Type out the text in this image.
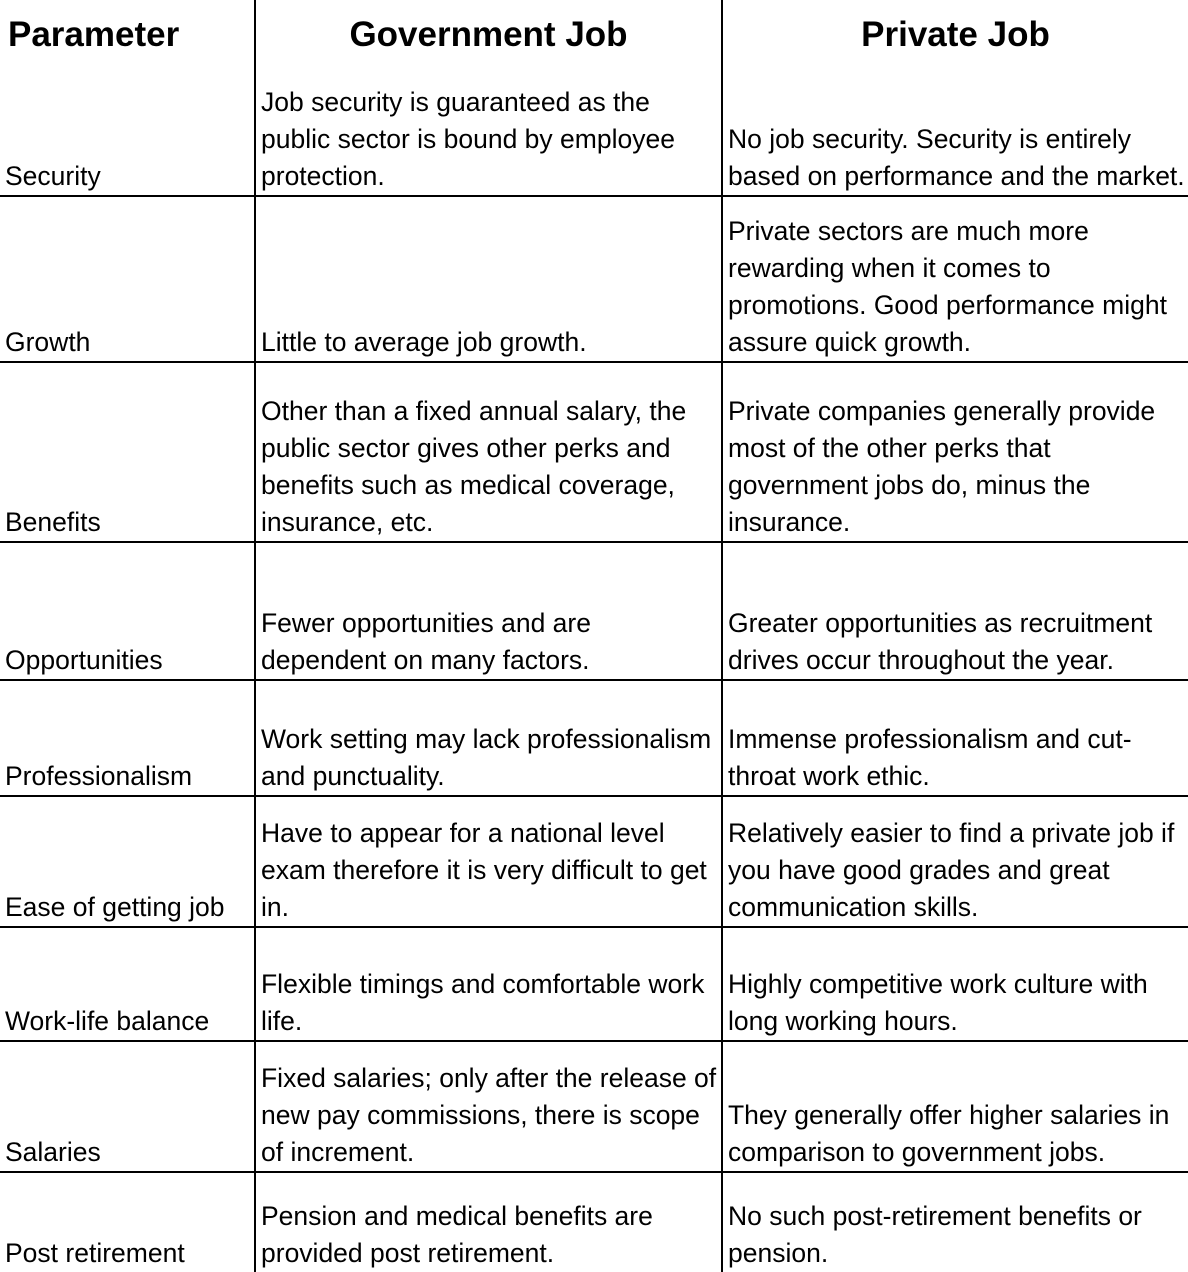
Parameter	Government Job	Private Job
Security	Job security is guaranteed as the public sector is bound by employee protection.	No job security. Security is entirely based on performance and the market.
Growth	Little to average job growth.	Private sectors are much more rewarding when it comes to promotions. Good performance might assure quick growth.
Benefits	Other than a fixed annual salary, the public sector gives other perks and benefits such as medical coverage, insurance, etc.	Private companies generally provide most of the other perks that government jobs do, minus the insurance.
Opportunities	Fewer opportunities and are dependent on many factors.	Greater opportunities as recruitment drives occur throughout the year.
Professionalism	Work setting may lack professionalism and punctuality.	Immense professionalism and cut-throat work ethic.
Ease of getting job	Have to appear for a national level exam therefore it is very difficult to get in.	Relatively easier to find a private job if you have good grades and great communication skills.
Work-life balance	Flexible timings and comfortable work life.	Highly competitive work culture with long working hours.
Salaries	Fixed salaries; only after the release of new pay commissions, there is scope of increment.	They generally offer higher salaries in comparison to government jobs.
Post retirement	Pension and medical benefits are provided post retirement.	No such post-retirement benefits or pension.
